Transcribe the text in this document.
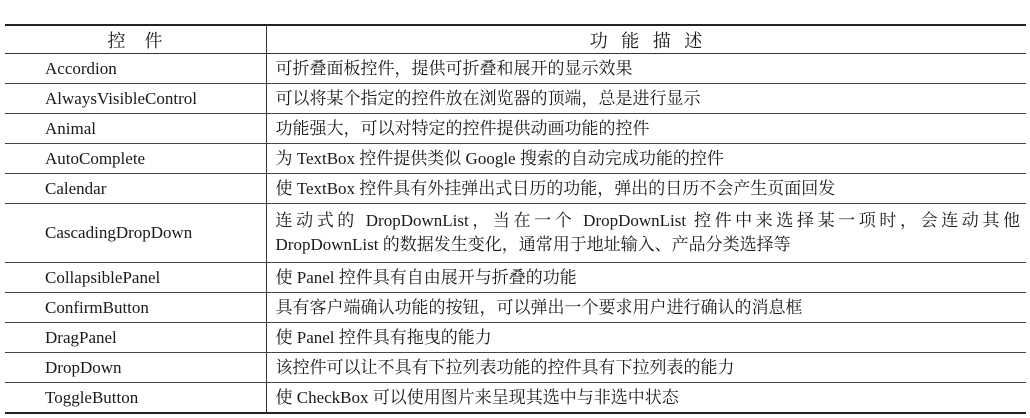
控　件	功 能 描 述
Accordion	可折叠面板控件，提供可折叠和展开的显示效果
AlwaysVisibleControl	可以将某个指定的控件放在浏览器的顶端，总是进行显示
Animal	功能强大，可以对特定的控件提供动画功能的控件
AutoComplete	为 TextBox 控件提供类似 Google 搜索的自动完成功能的控件
Calendar	使 TextBox 控件具有外挂弹出式日历的功能，弹出的日历不会产生页面回发
CascadingDropDown	连动式的 DropDownList，当在一个 DropDownList 控件中来选择某一项时，会连动其他 DropDownList 的数据发生变化，通常用于地址输入、产品分类选择等
CollapsiblePanel	使 Panel 控件具有自由展开与折叠的功能
ConfirmButton	具有客户端确认功能的按钮，可以弹出一个要求用户进行确认的消息框
DragPanel	使 Panel 控件具有拖曳的能力
DropDown	该控件可以让不具有下拉列表功能的控件具有下拉列表的能力
ToggleButton	使 CheckBox 可以使用图片来呈现其选中与非选中状态
